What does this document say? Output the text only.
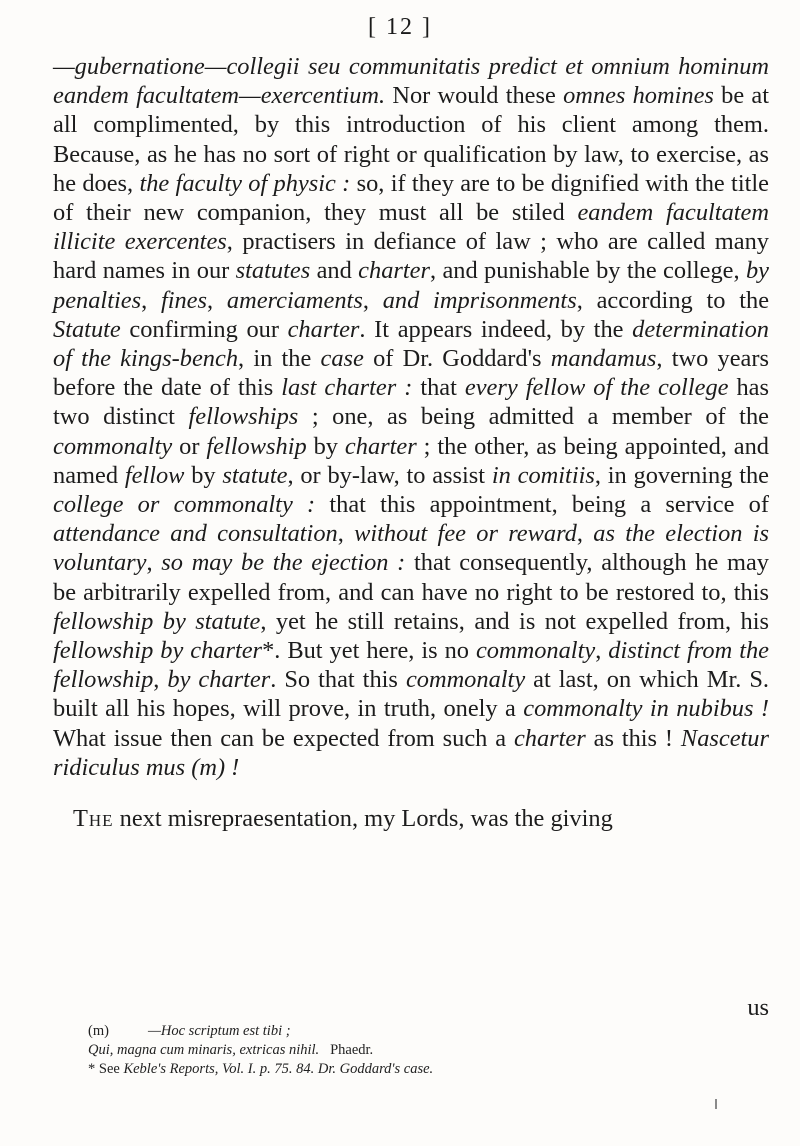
[ 12 ]

—gubernatione—collegii seu communitatis predict et omnium hominum eandem facultatem—exercentium. Nor would these omnes homines be at all complimented, by this introduction of his client among them. Because, as he has no sort of right or qualification by law, to exercise, as he does, the faculty of physic : so, if they are to be dignified with the title of their new companion, they must all be stiled eandem facultatem illicite exercentes, practisers in defiance of law ; who are called many hard names in our statutes and charter, and punishable by the college, by penalties, fines, amerciaments, and imprisonments, according to the Statute confirming our charter. It appears indeed, by the determination of the kings-bench, in the case of Dr. Goddard's mandamus, two years before the date of this last charter : that every fellow of the college has two distinct fellowships ; one, as being admitted a member of the commonalty or fellowship by charter ; the other, as being appointed, and named fellow by statute, or by-law, to assist in comitiis, in governing the college or commonalty : that this appointment, being a service of attendance and consultation, without fee or reward, as the election is voluntary, so may be the ejection : that consequently, although he may be arbitrarily expelled from, and can have no right to be restored to, this fellowship by statute, yet he still retains, and is not expelled from, his fellowship by charter*. But yet here, is no commonalty, distinct from the fellowship, by charter. So that this commonalty at last, on which Mr. S. built all his hopes, will prove, in truth, onely a commonalty in nubibus ! What issue then can be expected from such a charter as this ! Nascetur ridiculus mus (m) !

The next misrepraesentation, my Lords, was the giving

us

(m)	—Hoc scriptum est tibi ;

Qui, magna cum minaris, extricas nihil. Phaedr.

* See Keble's Reports, Vol. I. p. 75. 84. Dr. Goddard's case.
